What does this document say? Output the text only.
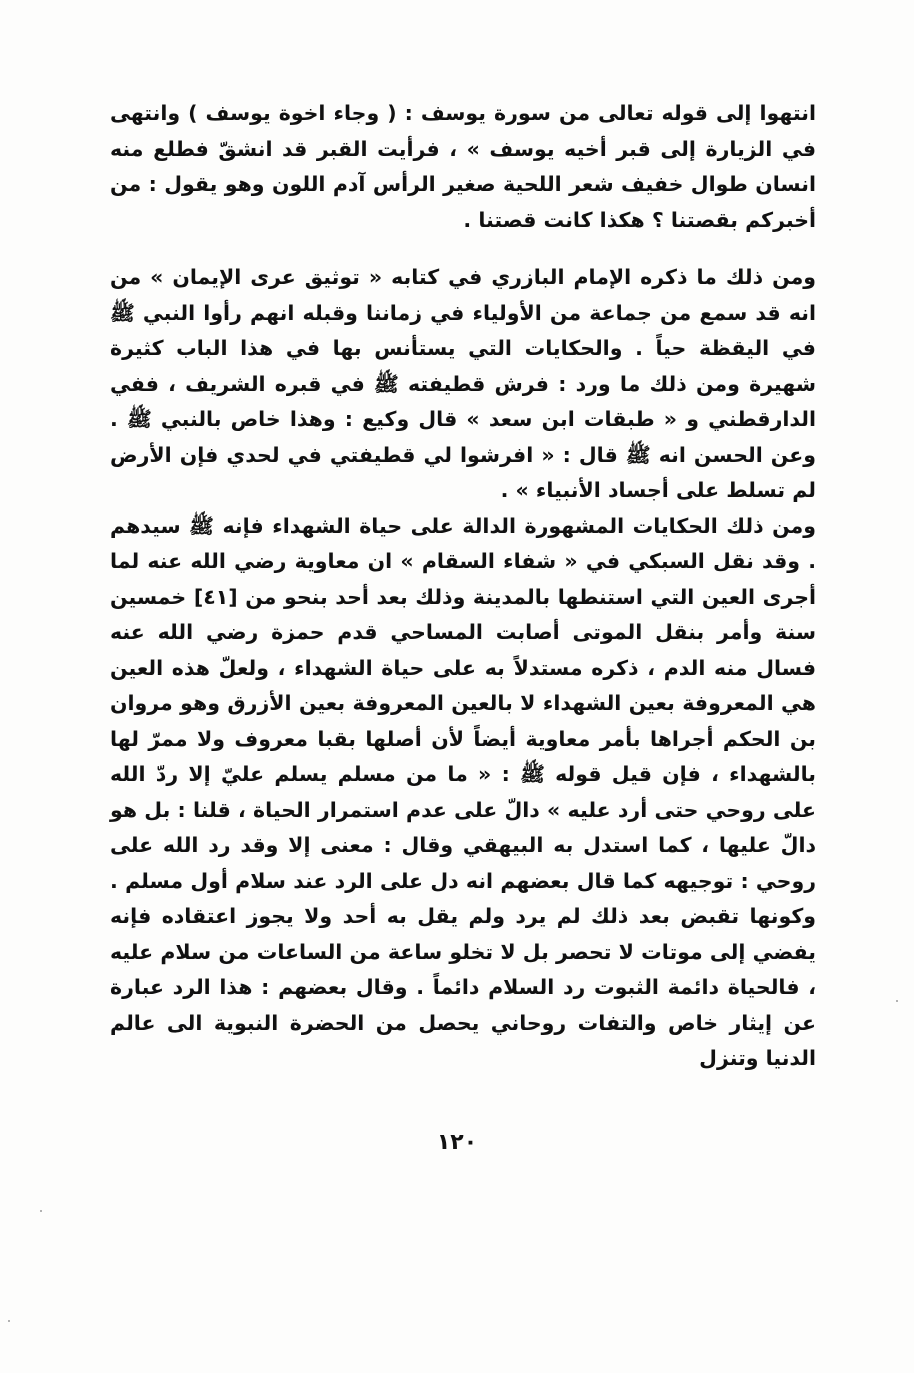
انتهوا إلى قوله تعالى من سورة يوسف : ( وجاء اخوة يوسف ) وانتهى في الزيارة إلى قبر أخيه يوسف » ، فرأيت القبر قد انشقّ فطلع منه انسان طوال خفيف شعر اللحية صغير الرأس آدم اللون وهو يقول : من أخبركم بقصتنا ؟ هكذا كانت قصتنا .

ومن ذلك ما ذكره الإمام البازري في كتابه « توثيق عرى الإيمان » من انه قد سمع من جماعة من الأولياء في زماننا وقبله انهم رأوا النبي ﷺ في اليقظة حياً . والحكايات التي يستأنس بها في هذا الباب كثيرة شهيرة ومن ذلك ما ورد : فرش قطيفته ﷺ في قبره الشريف ، ففي الدارقطني و « طبقات ابن سعد » قال وكيع : وهذا خاص بالنبي ﷺ . وعن الحسن انه ﷺ قال : « افرشوا لي قطيفتي في لحدي فإن الأرض لم تسلط على أجساد الأنبياء » .

ومن ذلك الحكايات المشهورة الدالة على حياة الشهداء فإنه ﷺ سيدهم . وقد نقل السبكي في « شفاء السقام » ان معاوية رضي الله عنه لما أجرى العين التي استنطها بالمدينة وذلك بعد أحد بنحو من [٤١] خمسين سنة وأمر بنقل الموتى أصابت المساحي قدم حمزة رضي الله عنه فسال منه الدم ، ذكره مستدلاً به على حياة الشهداء ، ولعلّ هذه العين هي المعروفة بعين الشهداء لا بالعين المعروفة بعين الأزرق وهو مروان بن الحكم أجراها بأمر معاوية أيضاً لأن أصلها بقبا معروف ولا ممرّ لها بالشهداء ، فإن قيل قوله ﷺ : « ما من مسلم يسلم عليّ إلا ردّ الله على روحي حتى أرد عليه » دالّ على عدم استمرار الحياة ، قلنا : بل هو دالّ عليها ، كما استدل به البيهقي وقال : معنى إلا وقد رد الله على روحي : توجيهه كما قال بعضهم انه دل على الرد عند سلام أول مسلم . وكونها تقبض بعد ذلك لم يرد ولم يقل به أحد ولا يجوز اعتقاده فإنه يفضي إلى موتات لا تحصر بل لا تخلو ساعة من الساعات من سلام عليه ، فالحياة دائمة الثبوت رد السلام دائماً . وقال بعضهم : هذا الرد عبارة عن إيثار خاص والتفات روحاني يحصل من الحضرة النبوية الى عالم الدنيا وتنزل

١٢٠
